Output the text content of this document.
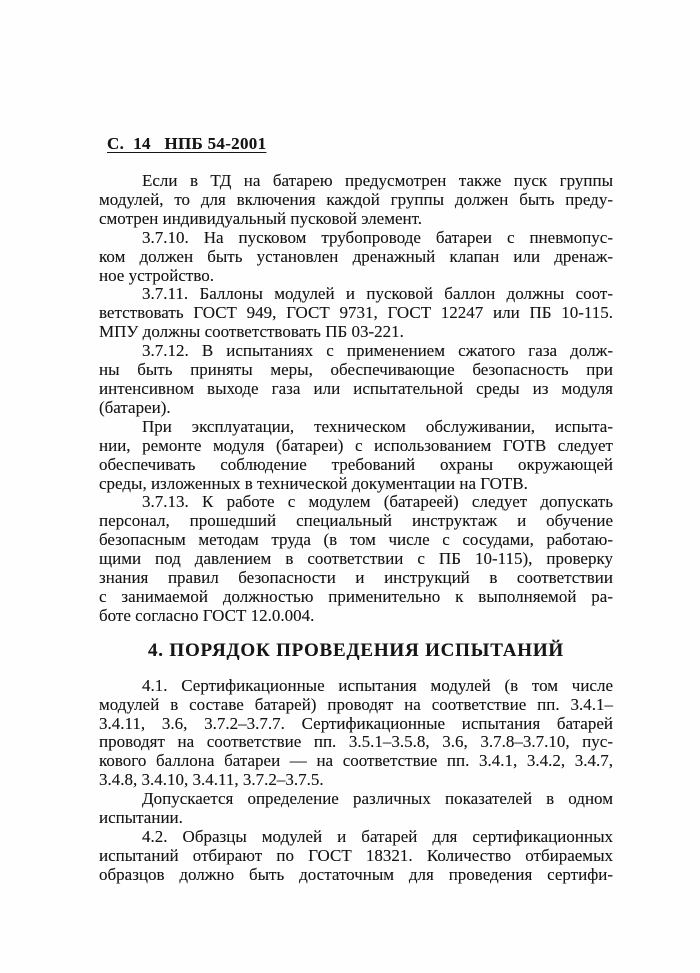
С.  14   НПБ 54-2001

Если в ТД на батарею предусмотрен также пуск группы
модулей, то для включения каждой группы должен быть преду-
смотрен индивидуальный пусковой элемент.

3.7.10. На пусковом трубопроводе батареи с пневмопус-
ком должен быть установлен дренажный клапан или дренаж-
ное устройство.

3.7.11. Баллоны модулей и пусковой баллон должны соот-
ветствовать ГОСТ 949, ГОСТ 9731, ГОСТ 12247 или ПБ 10-115.
МПУ должны соответствовать ПБ 03-221.

3.7.12. В испытаниях с применением сжатого газа долж-
ны быть приняты меры, обеспечивающие безопасность при
интенсивном выходе газа или испытательной среды из модуля
(батареи).

При эксплуатации, техническом обслуживании, испыта-
нии, ремонте модуля (батареи) с использованием ГОТВ следует
обеспечивать соблюдение требований охраны окружающей
среды, изложенных в технической документации на ГОТВ.

3.7.13. К работе с модулем (батареей) следует допускать
персонал, прошедший специальный инструктаж и обучение
безопасным методам труда (в том числе с сосудами, работаю-
щими под давлением в соответствии с ПБ 10-115), проверку
знания правил безопасности и инструкций в соответствии
с занимаемой должностью применительно к выполняемой ра-
боте согласно ГОСТ 12.0.004.

4. ПОРЯДОК ПРОВЕДЕНИЯ ИСПЫТАНИЙ

4.1. Сертификационные испытания модулей (в том числе
модулей в составе батарей) проводят на соответствие пп. 3.4.1–
3.4.11, 3.6, 3.7.2–3.7.7. Сертификационные испытания батарей
проводят на соответствие пп. 3.5.1–3.5.8, 3.6, 3.7.8–3.7.10, пус-
кового баллона батареи — на соответствие пп. 3.4.1, 3.4.2, 3.4.7,
3.4.8, 3.4.10, 3.4.11, 3.7.2–3.7.5.

Допускается определение различных показателей в одном
испытании.

4.2. Образцы модулей и батарей для сертификационных
испытаний отбирают по ГОСТ 18321. Количество отбираемых
образцов должно быть достаточным для проведения сертифи-
